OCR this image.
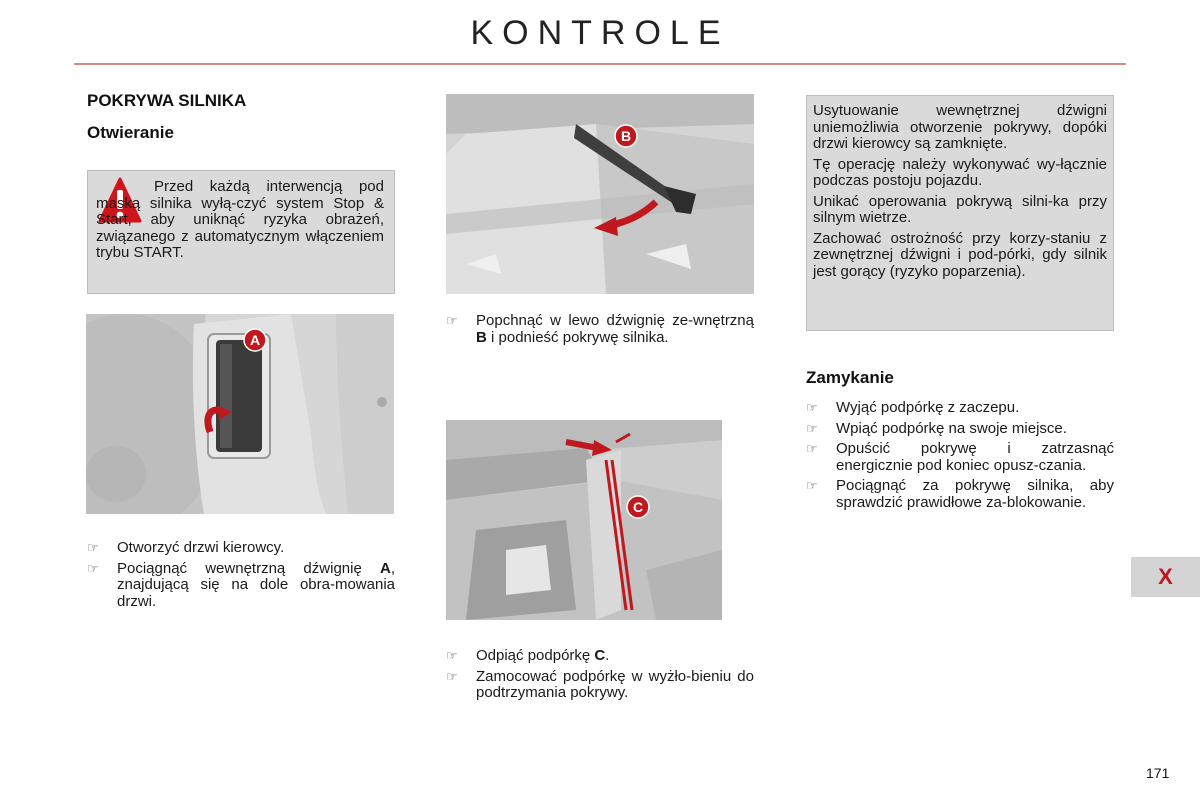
KONTROLE
POKRYWA SILNIKA
Otwieranie

Przed każdą interwencją pod maską silnika wyłą-czyć system Stop & Start, aby uniknąć ryzyka obrażeń, związanego z automatycznym włączeniem trybu START.

A
B
C
☞ Otworzyć drzwi kierowcy.
☞ Pociągnąć wewnętrzną dźwignię A, znajdującą się na dole obra-mowania drzwi.
☞ Popchnąć w lewo dźwignię ze-wnętrzną B i podnieść pokrywę silnika.
☞ Odpiąć podpórkę C.
☞ Zamocować podpórkę w wyżło-bieniu do podtrzymania pokrywy.

Usytuowanie wewnętrznej dźwigni uniemożliwia otworzenie pokrywy, dopóki drzwi kierowcy są zamknięte.

Tę operację należy wykonywać wy-łącznie podczas postoju pojazdu.

Unikać operowania pokrywą silni-ka przy silnym wietrze.

Zachować ostrożność przy korzy-staniu z zewnętrznej dźwigni i pod-pórki, gdy silnik jest gorący (ryzyko poparzenia).

Zamykanie
☞ Wyjąć podpórkę z zaczepu.
☞ Wpiąć podpórkę na swoje miejsce.
☞ Opuścić pokrywę i zatrzasnąć energicznie pod koniec opusz-czania.
☞ Pociągnąć za pokrywę silnika, aby sprawdzić prawidłowe za-blokowanie.
X
171
